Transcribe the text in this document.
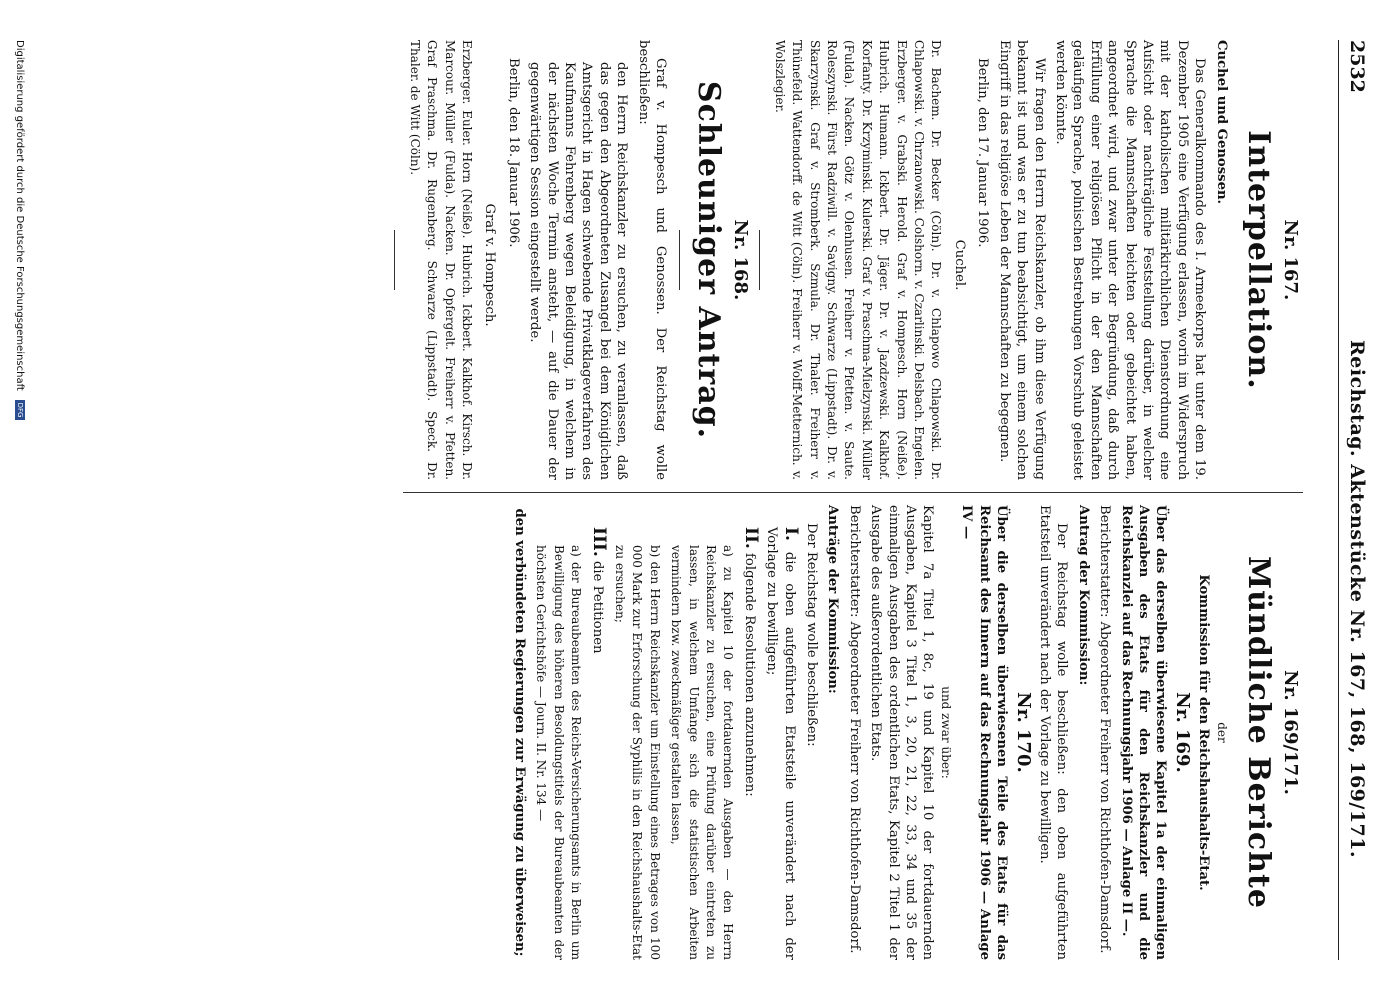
2532
Reichstag. Aktenstücke Nr. 167, 168, 169/171.
Nr. 167.
Interpellation.

Cuchel und Genossen.

Das Generalkommando des I. Armeekorps hat unter dem 19. Dezember 1905 eine Verfügung erlassen, worin im Widerspruch mit der katholischen militärkirchlichen Dienstordnung eine Aufsicht oder nachträgliche Feststellung darüber, in welcher Sprache die Mannschaften beichten oder gebeichtet haben, angeordnet wird, und zwar unter der Begründung, daß durch Erfüllung einer religiösen Pflicht in der den Mannschaften geläufigen Sprache, polnischen Bestrebungen Vorschub geleistet werden könnte.

Wir fragen den Herrn Reichskanzler, ob ihm diese Verfügung bekannt ist und was er zu tun beabsichtigt, um einem solchen Eingriff in das religiöse Leben der Mannschaften zu begegnen.

Berlin, den 17. Januar 1906.

Cuchel.

Dr. Bachem. Dr. Becker (Cöln). Dr. v. Chlapowo Chlapowski. Dr. Chlapowski. v. Chrzanowski. Colshorn. v. Czarlinski. Delsbach. Engelen. Erzberger. v. Grabski. Herold. Graf v. Hompesch. Horn (Neiße). Hubrich. Humann. Ickbert. Dr. Jäger. Dr. v. Jazdzewski. Kalkhof. Korfanty. Dr. Krzyminski. Kulerski. Graf v. Praschma-Mielzynski. Müller (Fulda). Nacken. Götz v. Olenhusen. Freiherr v. Pfetten. v. Saute. Roleszynski. Fürst Radziwill. v. Savigny. Schwarze (Lippstadt). Dr. v. Skarzynski. Graf v. Stromberk. Szmula. Dr. Thaler. Freiherr v. Thünefeld. Wattendorff. de Witt (Cöln). Freiherr v. Wolff-Metternich. v. Wolszlegier.

Nr. 168.
Schleuniger Antrag.

Graf v. Hompesch und Genossen. Der Reichstag wolle beschließen:

den Herrn Reichskanzler zu ersuchen, zu veranlassen, daß das gegen den Abgeordneten Zusangel bei dem Königlichen Amtsgericht in Hagen schwebende Privatklageverfahren des Kaufmanns Fehrenberg wegen Beleidigung, in welchem in der nächsten Woche Termin ansteht, — auf die Dauer der gegenwärtigen Session eingestellt werde.

Berlin, den 18. Januar 1906.

Graf v. Hompesch.

Erzberger. Euler. Horn (Neiße). Hubrich. Ickbert. Kalkhof. Kirsch. Dr. Marcour. Müller (Fulda). Nacken. Dr. Opfergelt. Freiherr v. Pfetten. Graf Praschma. Dr. Rugenberg. Schwarze (Lippstadt). Speck. Dr. Thaler. de Witt (Cöln).

Nr. 169/171.
Mündliche Berichte
der
Kommission für den Reichshaushalts-Etat.
Nr. 169.

Über das derselben überwiesene Kapitel 1a der einmaligen Ausgaben des Etats für den Reichskanzler und die Reichskanzlei auf das Rechnungsjahr 1906 — Anlage II —.

Berichterstatter: Abgeordneter Freiherr von Richthofen-Damsdorf.

Antrag der Kommission:

Der Reichstag wolle beschließen: den oben aufgeführten Etatsteil unverändert nach der Vorlage zu bewilligen.

Nr. 170.

Über die derselben überwiesenen Teile des Etats für das Reichsamt des Innern auf das Rechnungsjahr 1906 — Anlage IV —

und zwar über:

Kapitel 7a Titel 1, 8c, 19 und Kapitel 10 der fortdauernden Ausgaben, Kapitel 3 Titel 1, 3, 20, 21, 22, 33, 34 und 35 der einmaligen Ausgaben des ordentlichen Etats, Kapitel 2 Titel 1 der Ausgabe des außerordentlichen Etats.

Berichterstatter: Abgeordneter Freiherr von Richthofen-Damsdorf.

Anträge der Kommission:

Der Reichstag wolle beschließen:

I. die oben aufgeführten Etatsteile unverändert nach der Vorlage zu bewilligen;

II. folgende Resolutionen anzunehmen:

a) zu Kapitel 10 der fortdauernden Ausgaben — den Herrn Reichskanzler zu ersuchen, eine Prüfung darüber eintreten zu lassen, in welchem Umfange sich die statistischen Arbeiten vermindern bzw. zweckmäßiger gestalten lassen,

b) den Herrn Reichskanzler um Einstellung eines Betrages von 100 000 Mark zur Erforschung der Syphilis in den Reichshaushalts-Etat zu ersuchen;

III. die Petitionen

a) der Bureaubeamten des Reichs-Versicherungsamts in Berlin um Bewilligung des höheren Besoldungstitels der Bureaubeamten der höchsten Gerichtshöfe — Journ. II. Nr. 134 —

den verbündeten Regierungen zur Erwägung zu überweisen;

Digitalisierung gefördert durch die Deutsche Forschungsgemeinschaft DFG
